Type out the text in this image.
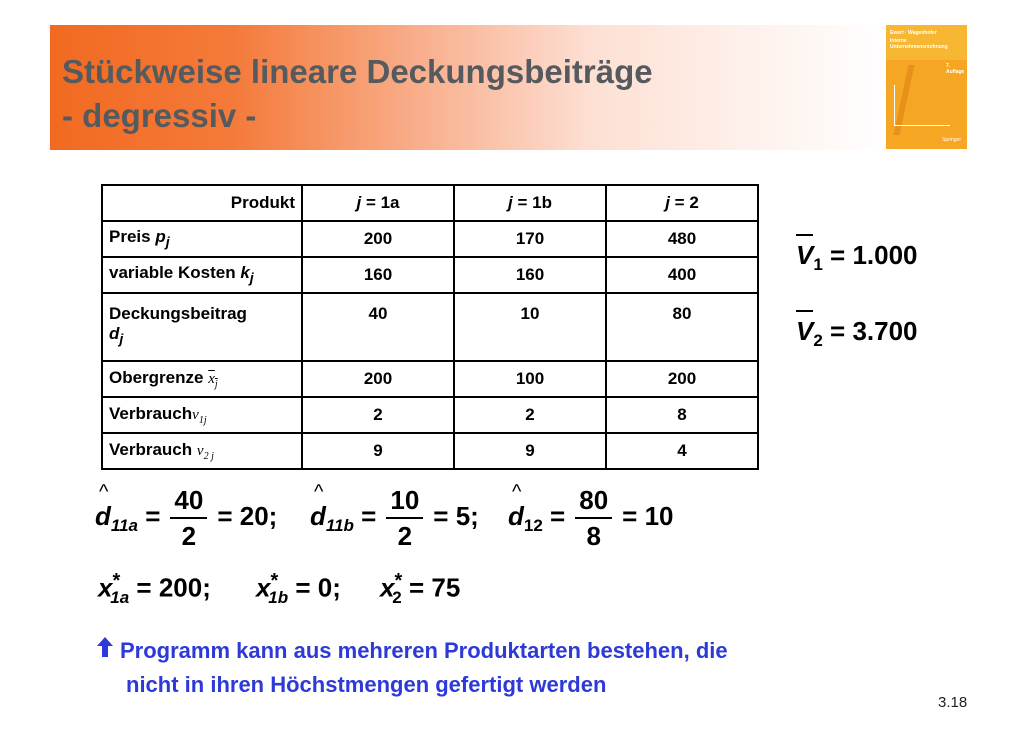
Stückweise lineare Deckungsbeiträge
- degressiv -
Ewert · Wagenhofer
Interne
Unternehmensrechnung
7. Auflage
Springer
Produkt	j = 1a	j = 1b	j = 2
Preis $p_j$	200	170	480
variable Kosten $k_j$	160	160	400
Deckungsbeitrag
$d_j$	40	10	80
Obergrenze $x_j$	200	100	200
Verbrauchv$_{1j}$	2	2	8
Verbrauch $v_{2 j}$	9	9	4
$V_1 = 1.000$
$V_2 = 3.700$
^ $d_{11a} = \frac{40}{2} = 20$; ^ $d_{11b} = \frac{10}{2} = 5$; ^ $d_{12} = \frac{80}{8} = 10$
$x^*_{1a} = 200$; $x^*_{1b} = 0$; $x^*_2 = 75$
Programm kann aus mehreren Produktarten bestehen, die
nicht in ihren Höchstmengen gefertigt werden
3.18
